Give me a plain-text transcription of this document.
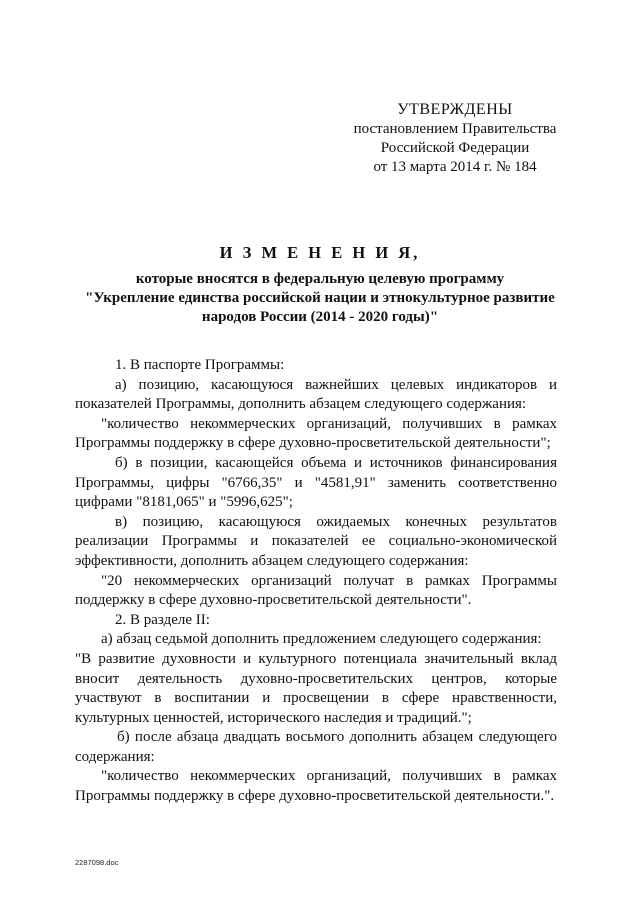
УТВЕРЖДЕНЫ
постановлением Правительства
Российской Федерации
от 13 марта 2014 г. № 184
И З М Е Н Е Н И Я,
которые вносятся в федеральную целевую программу
"Укрепление единства российской нации и этнокультурное развитие
народов России (2014 - 2020 годы)"

1. В паспорте Программы:

а) позицию, касающуюся важнейших целевых индикаторов и показателей Программы, дополнить абзацем следующего содержания:

"количество некоммерческих организаций, получивших в рамках Программы поддержку в сфере духовно-просветительской деятельности";

б) в позиции, касающейся объема и источников финансирования Программы, цифры "6766,35" и "4581,91" заменить соответственно цифрами "8181,065" и "5996,625";

в) позицию, касающуюся ожидаемых конечных результатов реализации Программы и показателей ее социально-экономической эффективности, дополнить абзацем следующего содержания:

"20 некоммерческих организаций получат в рамках Программы поддержку в сфере духовно-просветительской деятельности".

2. В разделе II:

а) абзац седьмой дополнить предложением следующего содержания:

"В развитие духовности и культурного потенциала значительный вклад вносит деятельность духовно-просветительских центров, которые участвуют в воспитании и просвещении в сфере нравственности, культурных ценностей, исторического наследия и традиций.";

б) после абзаца двадцать восьмого дополнить абзацем следующего содержания:

"количество некоммерческих организаций, получивших в рамках Программы поддержку в сфере духовно-просветительской деятельности.".

2287098.doc
